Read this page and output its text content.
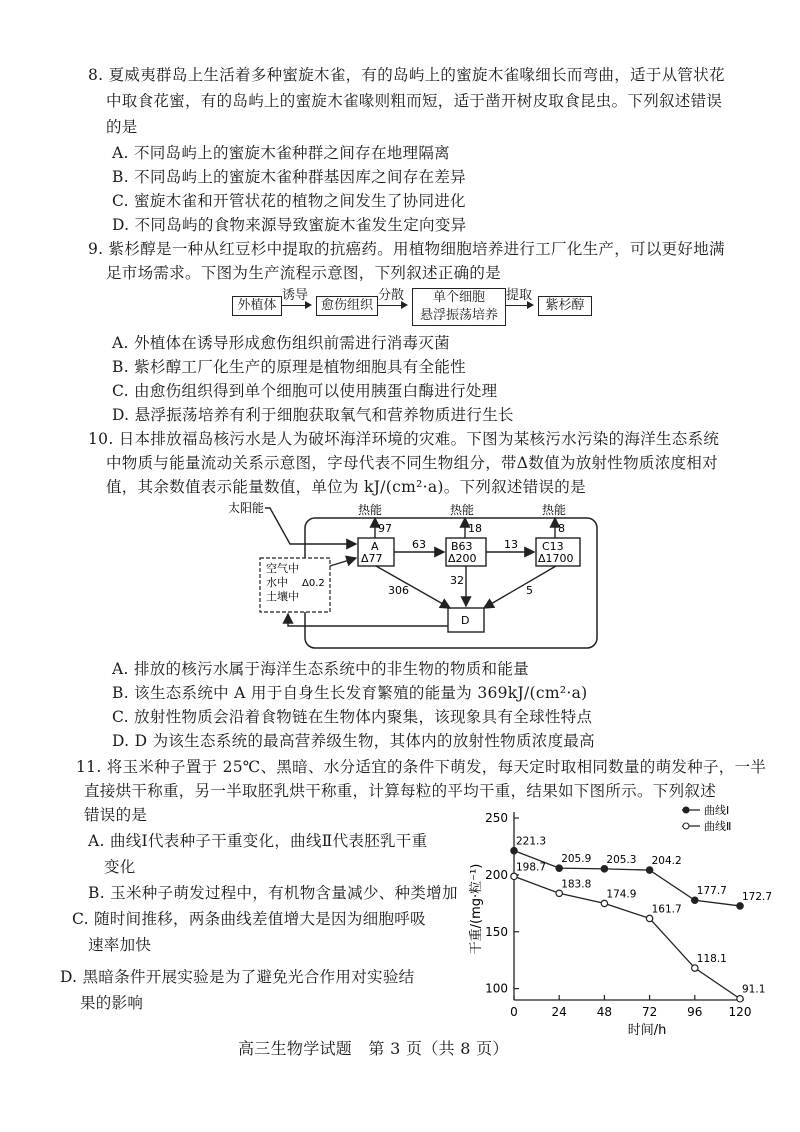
8. 夏威夷群岛上生活着多种蜜旋木雀，有的岛屿上的蜜旋木雀喙细长而弯曲，适于从管状花
中取食花蜜，有的岛屿上的蜜旋木雀喙则粗而短，适于凿开树皮取食昆虫。下列叙述错误
的是
A. 不同岛屿上的蜜旋木雀种群之间存在地理隔离
B. 不同岛屿上的蜜旋木雀种群基因库之间存在差异
C. 蜜旋木雀和开管状花的植物之间发生了协同进化
D. 不同岛屿的食物来源导致蜜旋木雀发生定向变异
9. 紫杉醇是一种从红豆杉中提取的抗癌药。用植物细胞培养进行工厂化生产，可以更好地满
足市场需求。下图为生产流程示意图，下列叙述正确的是
外植体
诱导
愈伤组织
分散	单个细胞
悬浮振荡培养
提取
紫杉醇
A. 外植体在诱导形成愈伤组织前需进行消毒灭菌
B. 紫杉醇工厂化生产的原理是植物细胞具有全能性
C. 由愈伤组织得到单个细胞可以使用胰蛋白酶进行处理
D. 悬浮振荡培养有利于细胞获取氧气和营养物质进行生长
10. 日本排放福岛核污水是人为破坏海洋环境的灾难。下图为某核污水污染的海洋生态系统
中物质与能量流动关系示意图，字母代表不同生物组分，带Δ数值为放射性物质浓度相对
值，其余数值表示能量数值，单位为 kJ/(cm²·a)。下列叙述错误的是
太阳能	热能	热能	热能
97	18	8
A
Δ77
B63
Δ200
C13
Δ1700
63	13
D
306
32
5
空气中
水中
土壤中
Δ0.2
A. 排放的核污水属于海洋生态系统中的非生物的物质和能量
B. 该生态系统中 A 用于自身生长发育繁殖的能量为 369kJ/(cm²·a)
C. 放射性物质会沿着食物链在生物体内聚集，该现象具有全球性特点
D. D 为该生态系统的最高营养级生物，其体内的放射性物质浓度最高
11. 将玉米种子置于 25℃、黑暗、水分适宜的条件下萌发，每天定时取相同数量的萌发种子，一半
直接烘干称重，另一半取胚乳烘干称重，计算每粒的平均干重，结果如下图所示。下列叙述
错误的是
A. 曲线Ⅰ代表种子干重变化，曲线Ⅱ代表胚乳干重
变化
B. 玉米种子萌发过程中，有机物含量减少、种类增加
C. 随时间推移，两条曲线差值增大是因为细胞呼吸
速率加快
D. 黑暗条件开展实验是为了避免光合作用对实验结
果的影响
100
150
200
250
0	24 48 72 96 120
时间/h
干重/(mg·粒⁻¹)
221.3
205.9 205.3 204.2
177.7 172.7
198.7
183.8
174.9
161.7
118.1
91.1
曲线Ⅰ
曲线Ⅱ
高三生物学试题　第 3 页（共 8 页）
